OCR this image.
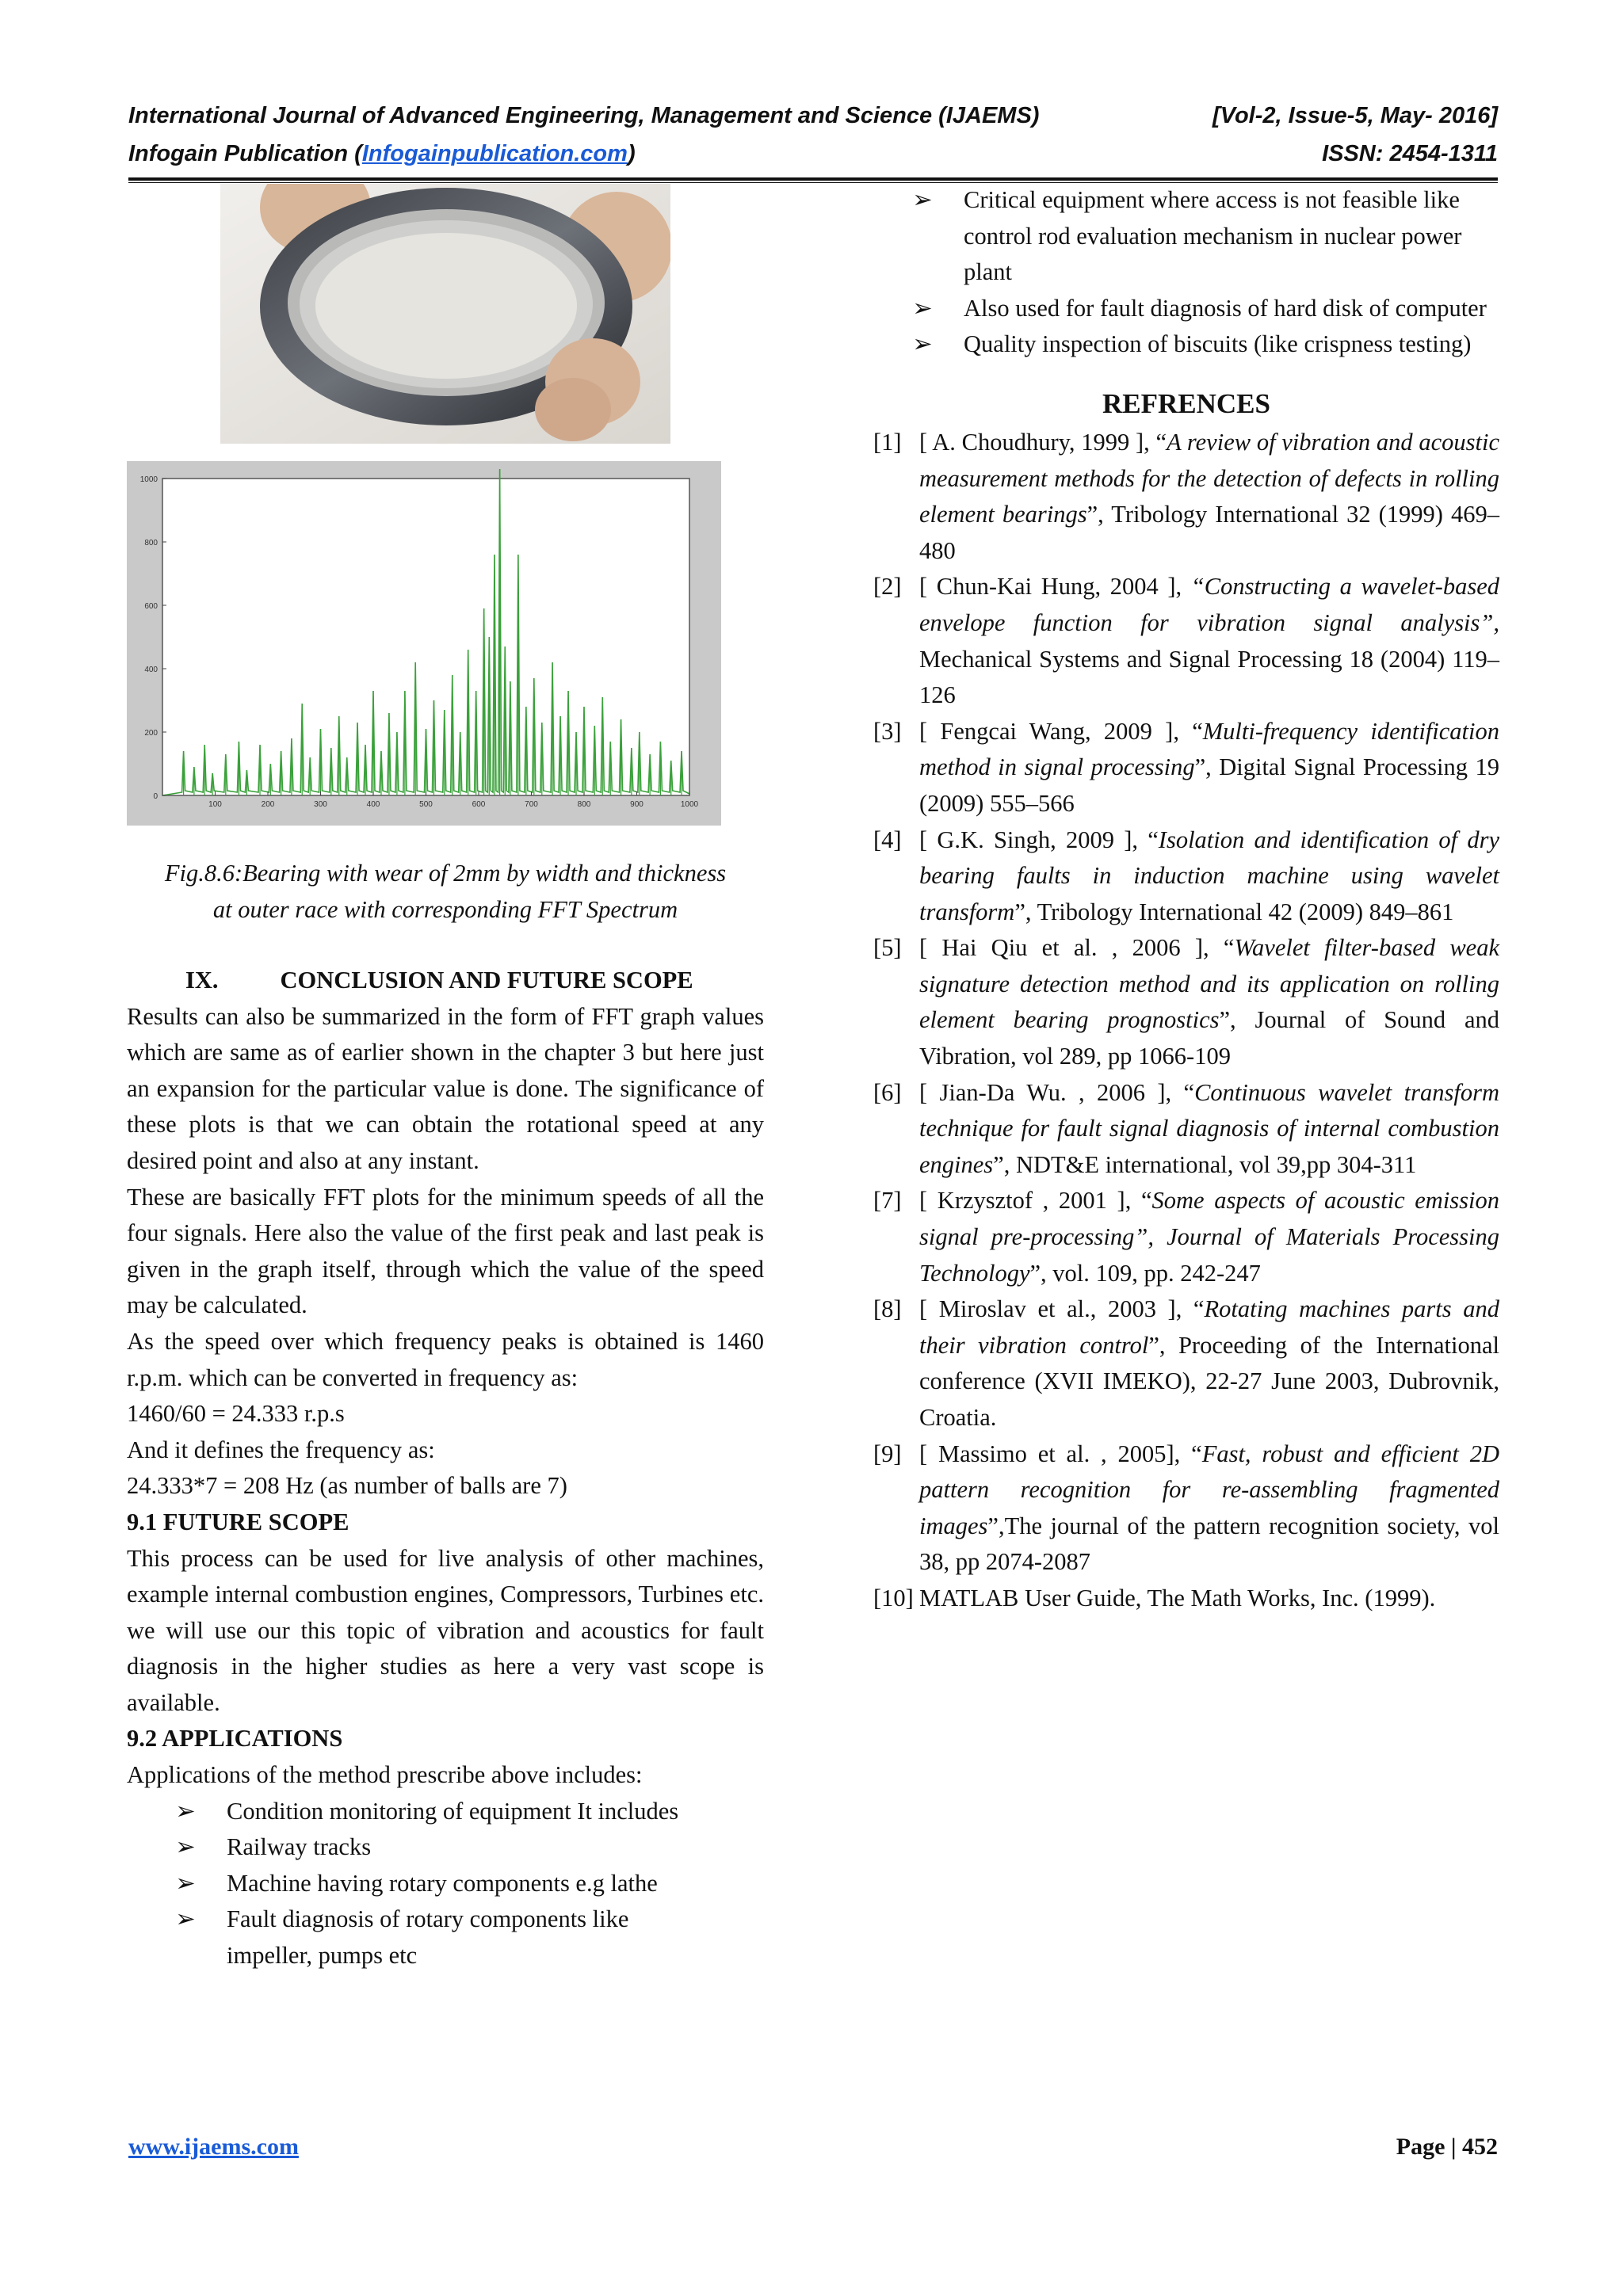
International Journal of Advanced Engineering, Management and Science (IJAEMS)	[Vol-2, Issue-5, May- 2016]
Infogain Publication (Infogainpublication.com)	ISSN: 2454-1311
100	200	300	400	500	600	700	800	900	1000
0
200
400
600
800
1000
Fig.8.6:Bearing with wear of 2mm by width and thickness
at outer race with corresponding FFT Spectrum
IX.	CONCLUSION AND FUTURE SCOPE

Results can also be summarized in the form of FFT graph values which are same as of earlier shown in the chapter 3 but here just an expansion for the particular value is done. The significance of these plots is that we can obtain the rotational speed at any desired point and also at any instant.

These are basically FFT plots for the minimum speeds of all the four signals. Here also the value of the first peak and last peak is given in the graph itself, through which the value of the speed may be calculated.

As the speed over which frequency peaks is obtained is 1460 r.p.m. which can be converted in frequency as:

1460/60 = 24.333 r.p.s

And it defines the frequency as:

24.333*7 = 208 Hz (as number of balls are 7)

9.1 FUTURE SCOPE

This process can be used for live analysis of other machines, example internal combustion engines, Compressors, Turbines etc. we will use our this topic of vibration and acoustics for fault diagnosis in the higher studies as here a very vast scope is available.

9.2 APPLICATIONS

Applications of the method prescribe above includes:

➢ Condition monitoring of equipment It includes
➢ Railway tracks
➢ Machine having rotary components e.g lathe
➢ Fault diagnosis of rotary components like impeller, pumps etc
➢ Critical equipment where access is not feasible like control rod evaluation mechanism in nuclear power plant
➢ Also used for fault diagnosis of hard disk of computer
➢ Quality inspection of biscuits (like crispness testing)
REFRENCES
[1] [ A. Choudhury, 1999 ], “A review of vibration and acoustic measurement methods for the detection of defects in rolling element bearings”, Tribology International 32 (1999) 469–480
[2] [ Chun-Kai Hung, 2004 ], “Constructing a wavelet-based envelope function for vibration signal analysis”, Mechanical Systems and Signal Processing 18 (2004) 119–126
[3] [ Fengcai Wang, 2009 ], “Multi-frequency identification method in signal processing”, Digital Signal Processing 19 (2009) 555–566
[4] [ G.K. Singh, 2009 ], “Isolation and identification of dry bearing faults in induction machine using wavelet transform”, Tribology International 42 (2009) 849–861
[5] [ Hai Qiu et al. , 2006 ], “Wavelet filter-based weak signature detection method and its application on rolling element bearing prognostics”, Journal of Sound and Vibration, vol 289, pp 1066-109
[6] [ Jian-Da Wu. , 2006 ], “Continuous wavelet transform technique for fault signal diagnosis of internal combustion engines”, NDT&E international, vol 39,pp 304-311
[7] [ Krzysztof , 2001 ], “Some aspects of acoustic emission signal pre-processing”, Journal of Materials Processing Technology”, vol. 109, pp. 242-247
[8] [ Miroslav et al., 2003 ], “Rotating machines parts and their vibration control”, Proceeding of the International conference (XVII IMEKO), 22-27 June 2003, Dubrovnik, Croatia.
[9] [ Massimo et al. , 2005], “Fast, robust and efficient 2D pattern recognition for re-assembling fragmented images”,The journal of the pattern recognition society, vol 38, pp 2074-2087
[10] MATLAB User Guide, The Math Works, Inc. (1999).
www.ijaems.com	Page | 452
